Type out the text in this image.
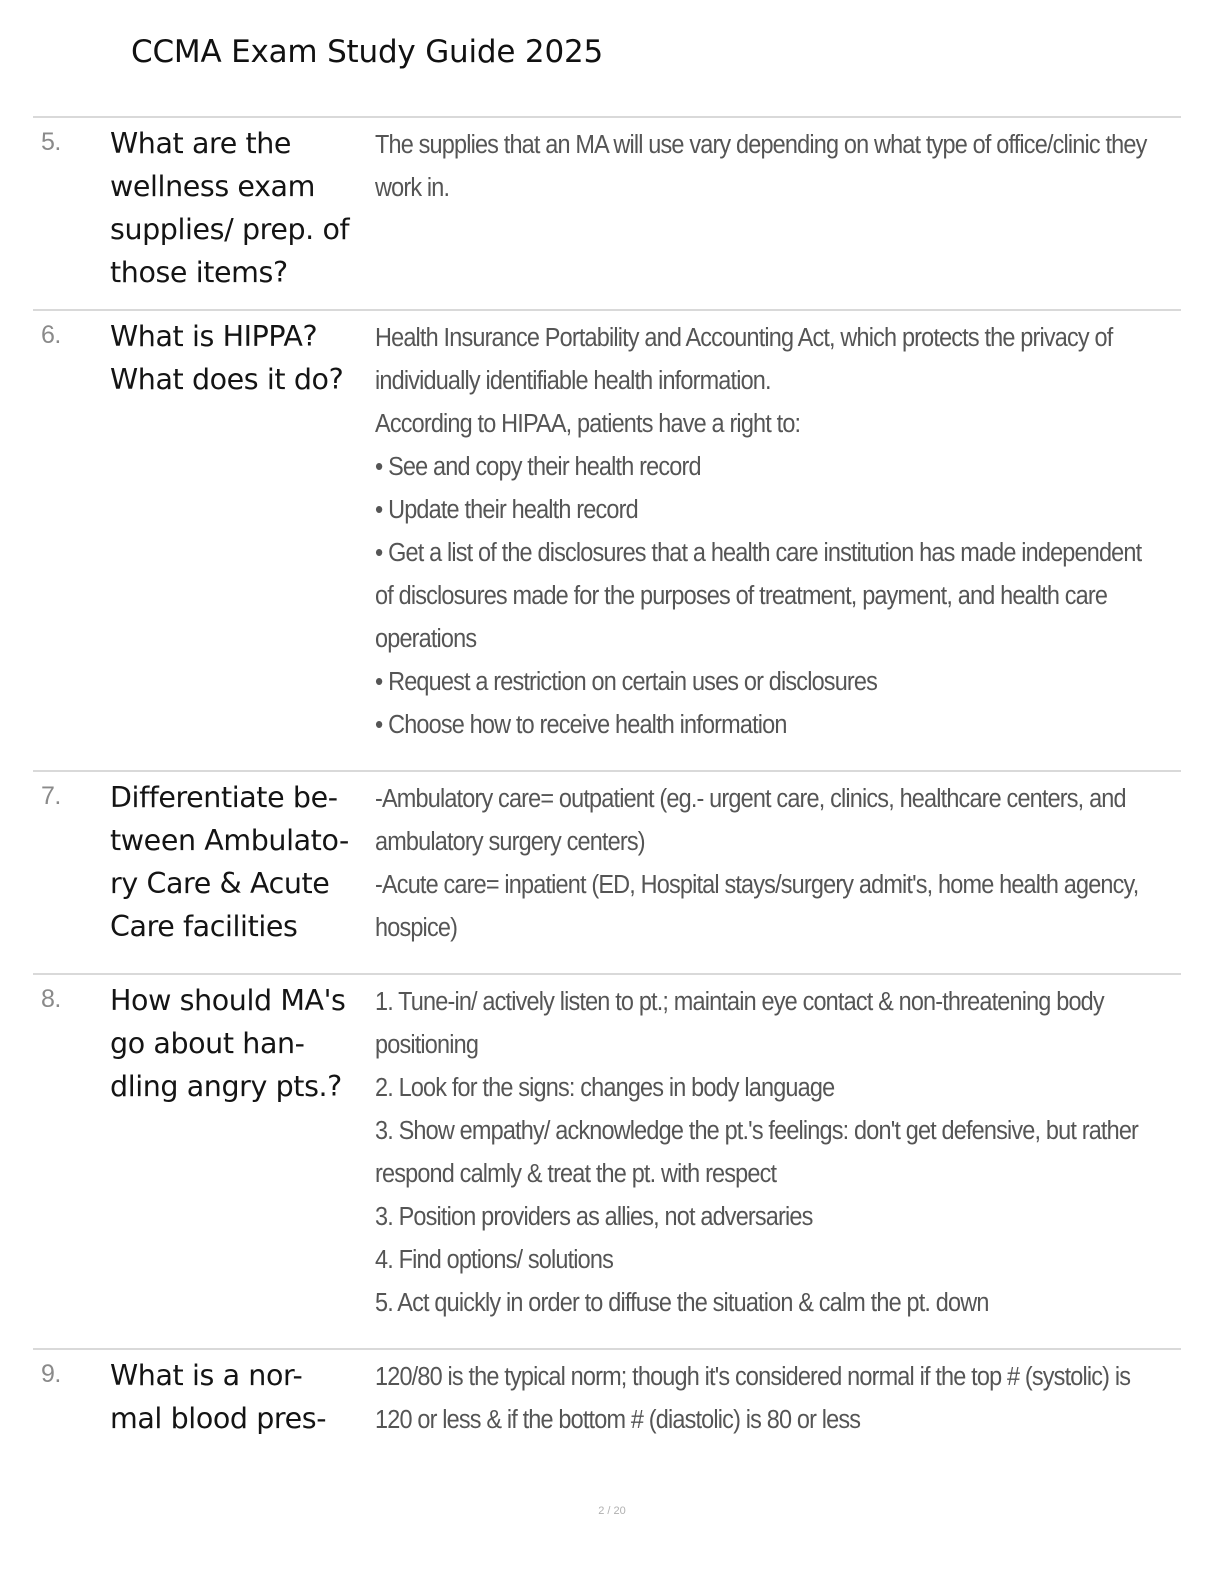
CCMA Exam Study Guide 2025
5. What are the
wellness exam
supplies/ prep. of
those items?
The supplies that an MA will use vary depending on what type of office/clinic they
work in.
6. What is HIPPA?
What does it do?
Health Insurance Portability and Accounting Act, which protects the privacy of
individually identifiable health information.
According to HIPAA, patients have a right to:
• See and copy their health record
• Update their health record
• Get a list of the disclosures that a health care institution has made independent
of disclosures made for the purposes of treatment, payment, and health care
operations
• Request a restriction on certain uses or disclosures
• Choose how to receive health information
7. Differentiate be-
tween Ambulato-
ry Care & Acute
Care facilities
-Ambulatory care= outpatient (eg.- urgent care, clinics, healthcare centers, and
ambulatory surgery centers)
-Acute care= inpatient (ED, Hospital stays/surgery admit's, home health agency,
hospice)
8. How should MA's
go about han-
dling angry pts.?
1. Tune-in/ actively listen to pt.; maintain eye contact & non-threatening body
positioning
2. Look for the signs: changes in body language
3. Show empathy/ acknowledge the pt.'s feelings: don't get defensive, but rather
respond calmly & treat the pt. with respect
3. Position providers as allies, not adversaries
4. Find options/ solutions
5. Act quickly in order to diffuse the situation & calm the pt. down
9. What is a nor-
mal blood pres-
120/80 is the typical norm; though it's considered normal if the top # (systolic) is
120 or less & if the bottom # (diastolic) is 80 or less
2 / 20
